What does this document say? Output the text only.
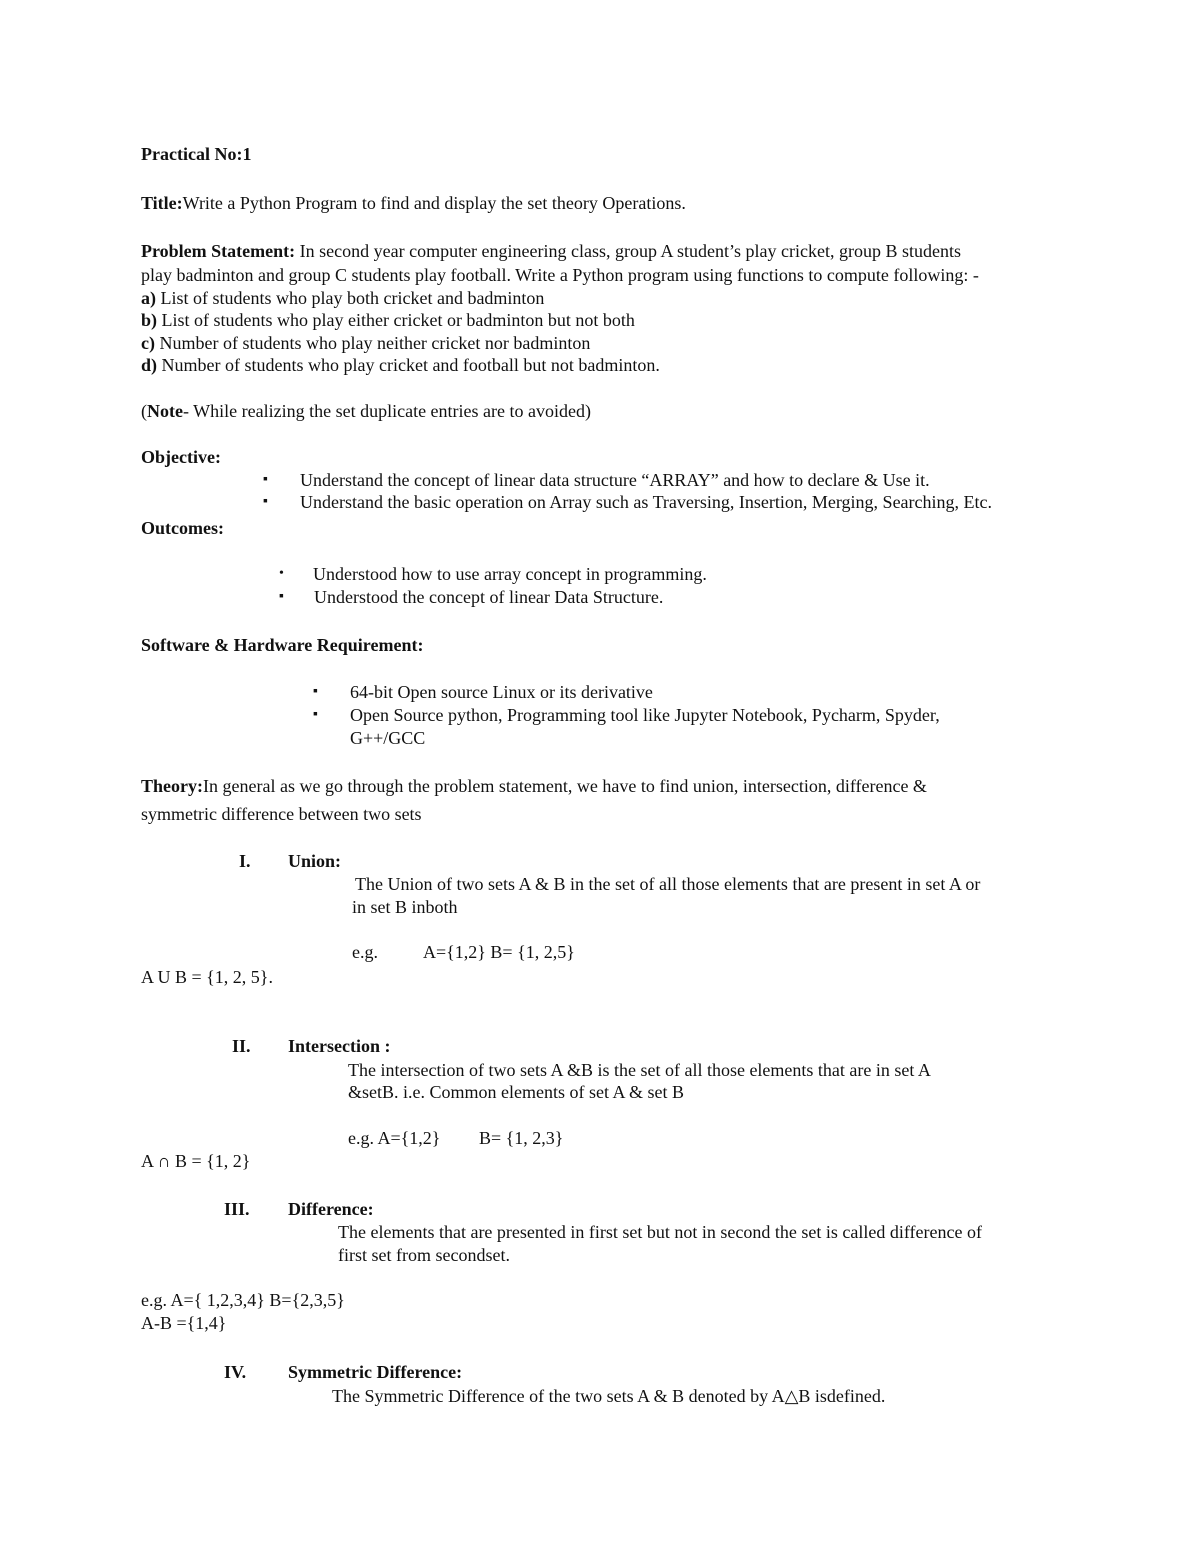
Practical No:1
Title:Write a Python Program to find and display the set theory Operations.
Problem Statement: In second year computer engineering class, group A student’s play cricket, group B students
play badminton and group C students play football. Write a Python program using functions to compute following: -
a) List of students who play both cricket and badminton
b) List of students who play either cricket or badminton but not both
c) Number of students who play neither cricket nor badminton
d) Number of students who play cricket and football but not badminton.
(Note- While realizing the set duplicate entries are to avoided)
Objective:
▪ Understand the concept of linear data structure “ARRAY” and how to declare & Use it.
▪ Understand the basic operation on Array such as Traversing, Insertion, Merging, Searching, Etc.
Outcomes:
• Understood how to use array concept in programming.
▪ Understood the concept of linear Data Structure.
Software & Hardware Requirement:
▪ 64-bit Open source Linux or its derivative
▪ Open Source python, Programming tool like Jupyter Notebook, Pycharm, Spyder,
G++/GCC
Theory:In general as we go through the problem statement, we have to find union, intersection, difference &
symmetric difference between two sets
I. Union:
The Union of two sets A & B in the set of all those elements that are present in set A or
in set B inboth
e.g.	A={1,2} B= {1, 2,5}
A U B = {1, 2, 5}.
II. Intersection :
The intersection of two sets A &B is the set of all those elements that are in set A
&setB. i.e. Common elements of set A & set B
e.g. A={1,2} B= {1, 2,3}
A ∩ B = {1, 2}
III. Difference:
The elements that are presented in first set but not in second the set is called difference of
first set from secondset.
e.g. A={ 1,2,3,4} B={2,3,5}
A-B ={1,4}
IV. Symmetric Difference:
The Symmetric Difference of the two sets A & B denoted by A△B isdefined.
